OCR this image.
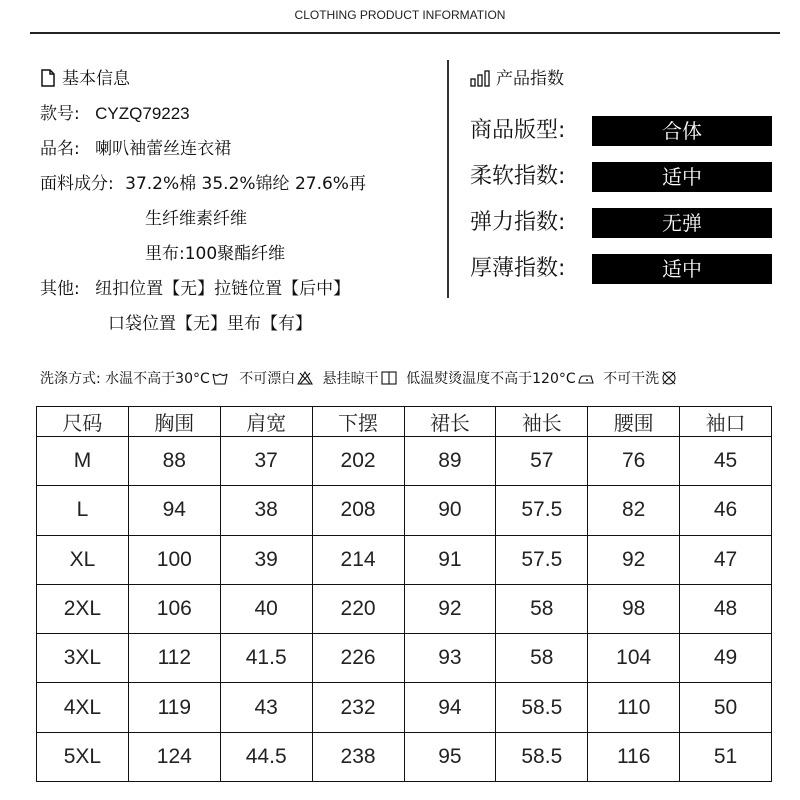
CLOTHING PRODUCT INFORMATION
基本信息
款号: CYZQ79223
品名: 喇叭袖蕾丝连衣裙
面料成分: 37.2%棉 35.2%锦纶 27.6%再
生纤维素纤维
里布:100聚酯纤维
其他: 纽扣位置【无】拉链位置【后中】
口袋位置【无】里布【有】
产品指数
商品版型:	合体
柔软指数:	适中
弹力指数:	无弹
厚薄指数:	适中
洗涤方式: 水温不高于30°C 不可漂白 悬挂晾干 低温熨烫温度不高于120°C 不可干洗
尺码	胸围	肩宽	下摆	裙长	袖长	腰围	袖口
M	88	37	202	89	57	76	45
L	94	38	208	90	57.5	82	46
XL	100	39	214	91	57.5	92	47
2XL	106	40	220	92	58	98	48
3XL	112	41.5	226	93	58	104	49
4XL	119	43	232	94	58.5	110	50
5XL	124	44.5	238	95	58.5	116	51
